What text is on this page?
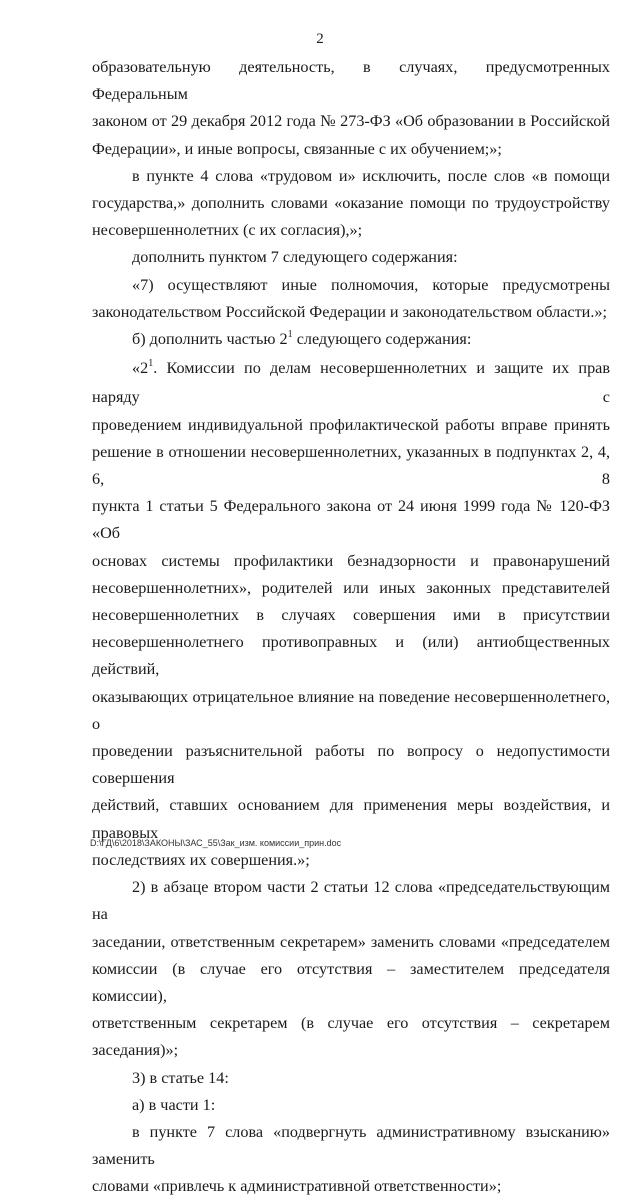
2

образовательную деятельность, в случаях, предусмотренных Федеральным

законом от 29 декабря 2012 года № 273-ФЗ «Об образовании в Российской

Федерации», и иные вопросы, связанные с их обучением;»;

в пункте 4 слова «трудовом и» исключить, после слов «в помощи

государства,» дополнить словами «оказание помощи по трудоустройству

несовершеннолетних (с их согласия),»;

дополнить пунктом 7 следующего содержания:

«7) осуществляют иные полномочия, которые предусмотрены

законодательством Российской Федерации и законодательством области.»;

б) дополнить частью $2^1$ следующего содержания:

«$2^1$. Комиссии по делам несовершеннолетних и защите их прав наряду с

проведением индивидуальной профилактической работы вправе принять

решение в отношении несовершеннолетних, указанных в подпунктах 2, 4, 6, 8

пункта 1 статьи 5 Федерального закона от 24 июня 1999 года № 120-ФЗ «Об

основах системы профилактики безнадзорности и правонарушений

несовершеннолетних», родителей или иных законных представителей

несовершеннолетних в случаях совершения ими в присутствии

несовершеннолетнего противоправных и (или) антиобщественных действий,

оказывающих отрицательное влияние на поведение несовершеннолетнего, о

проведении разъяснительной работы по вопросу о недопустимости совершения

действий, ставших основанием для применения меры воздействия, и правовых

последствиях их совершения.»;

2) в абзаце втором части 2 статьи 12 слова «председательствующим на

заседании, ответственным секретарем» заменить словами «председателем

комиссии (в случае его отсутствия – заместителем председателя комиссии),

ответственным секретарем (в случае его отсутствия – секретарем заседания)»;

3) в статье 14:

а) в части 1:

в пункте 7 слова «подвергнуть административному взысканию» заменить

словами «привлечь к административной ответственности»;

D:\ГД\6\2018\ЗАКОНЫ\ЗАС_55\Зак_изм. комиссии_прин.doc
